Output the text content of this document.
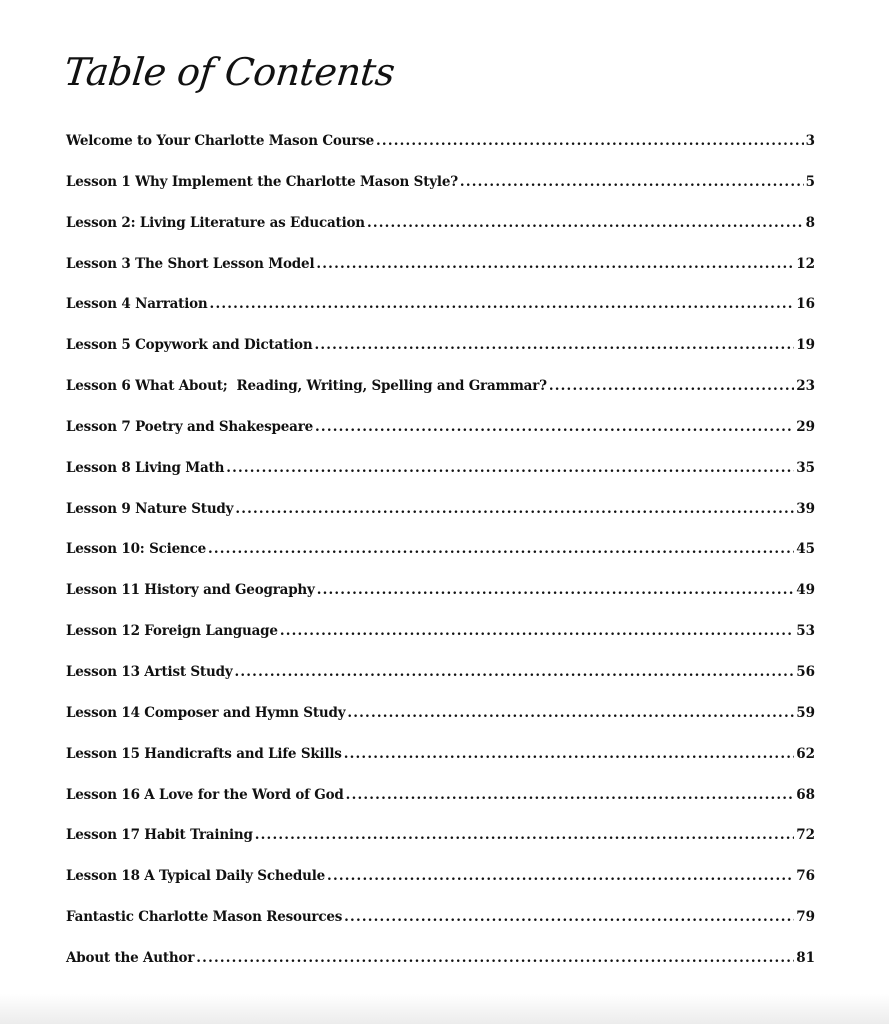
Table of Contents
Welcome to Your Charlotte Mason Course .....	3
Lesson 1 Why Implement the Charlotte Mason Style? .....	5
Lesson 2: Living Literature as Education .....	8
Lesson 3 The Short Lesson Model .....	12
Lesson 4 Narration .....	16
Lesson 5 Copywork and Dictation .....	19
Lesson 6 What About;  Reading, Writing, Spelling and Grammar? .....	23
Lesson 7 Poetry and Shakespeare .....	29
Lesson 8 Living Math .....	35
Lesson 9 Nature Study .....	39
Lesson 10: Science .....	45
Lesson 11 History and Geography .....	49
Lesson 12 Foreign Language .....	53
Lesson 13 Artist Study .....	56
Lesson 14 Composer and Hymn Study .....	59
Lesson 15 Handicrafts and Life Skills .....	62
Lesson 16 A Love for the Word of God .....	68
Lesson 17 Habit Training .....	72
Lesson 18 A Typical Daily Schedule .....	76
Fantastic Charlotte Mason Resources .....	79
About the Author .....	81
